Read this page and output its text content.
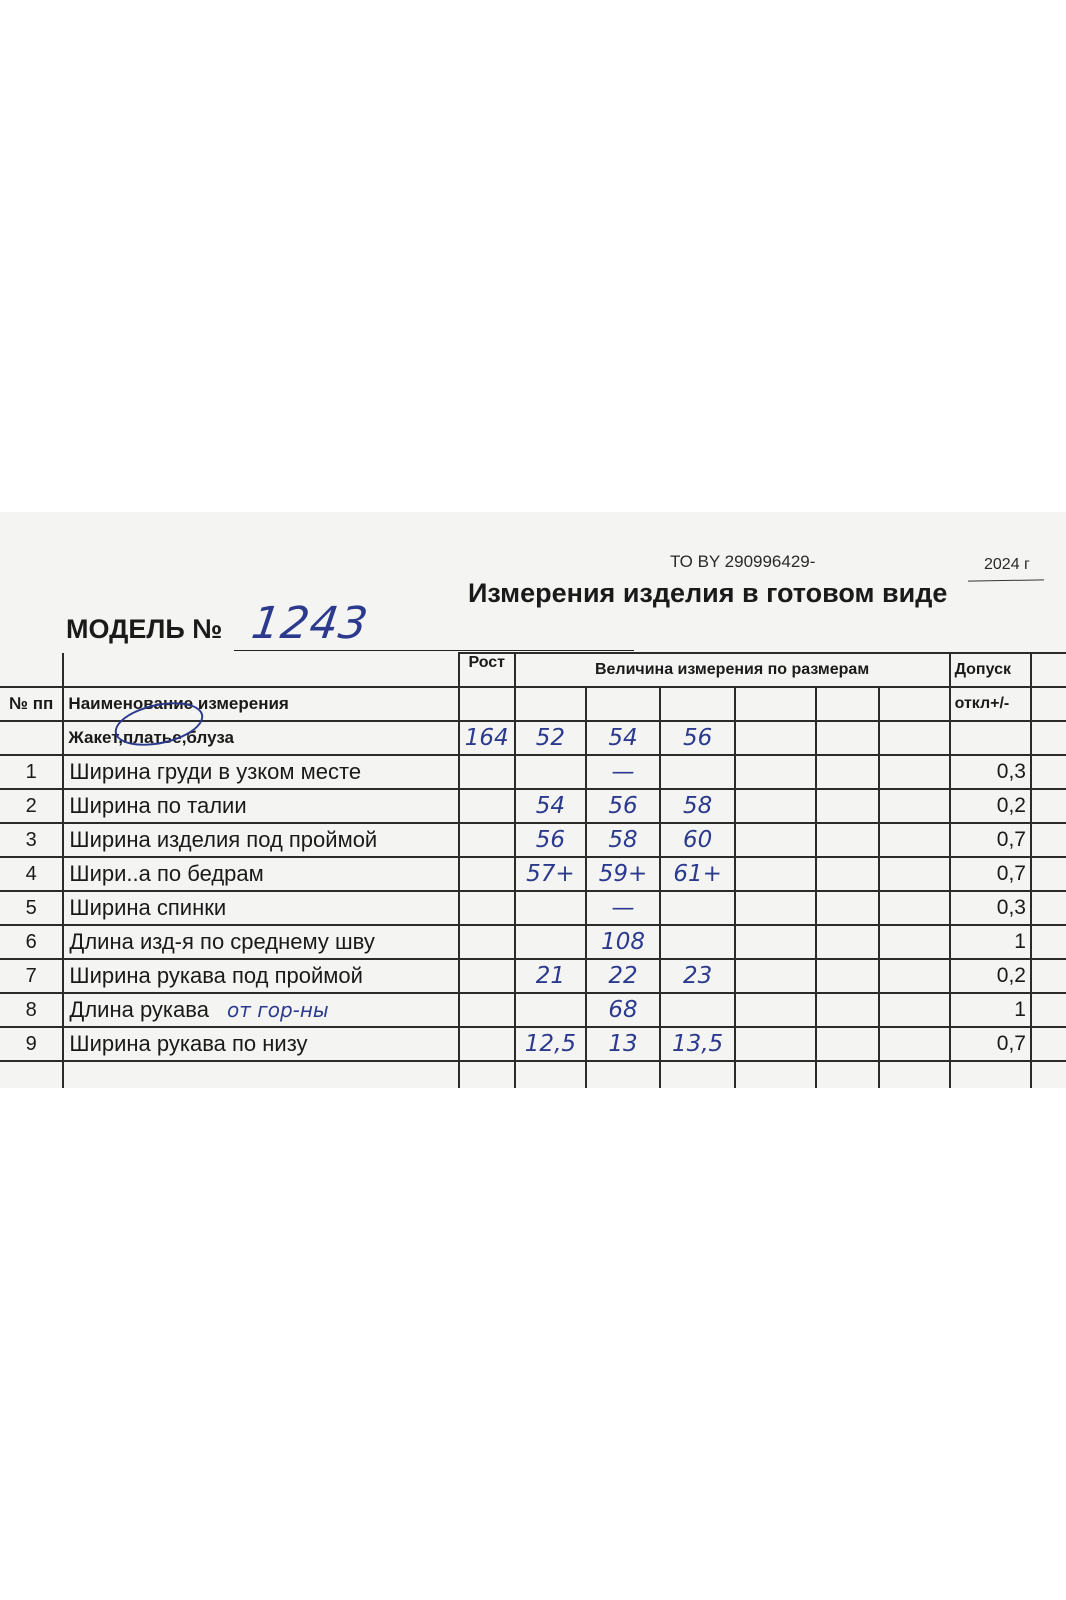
ТО BY 290996429-	2024 г
Измерения изделия в готовом виде
МОДЕЛЬ № 1243
		Рост	Величина измерения по размерам						Допуск	
№ пп	Наименование измерения								откл+/-	
	Жакет,платье,блуза	164	52	54	56					
1	Ширина груди в узком месте			—					0,3	
2	Ширина по талии		54	56	58				0,2	
3	Ширина изделия под проймой		56	58	60				0,7	
4	Шири..а по бедрам		57+	59+	61+				0,7	
5	Ширина спинки			—					0,3	
6	Длина изд-я по среднему шву			108					1	
7	Ширина рукава под проймой		21	22	23				0,2	
8	Длина рукава от гор-ны			68					1	
9	Ширина рукава по низу		12,5	13	13,5				0,7	
